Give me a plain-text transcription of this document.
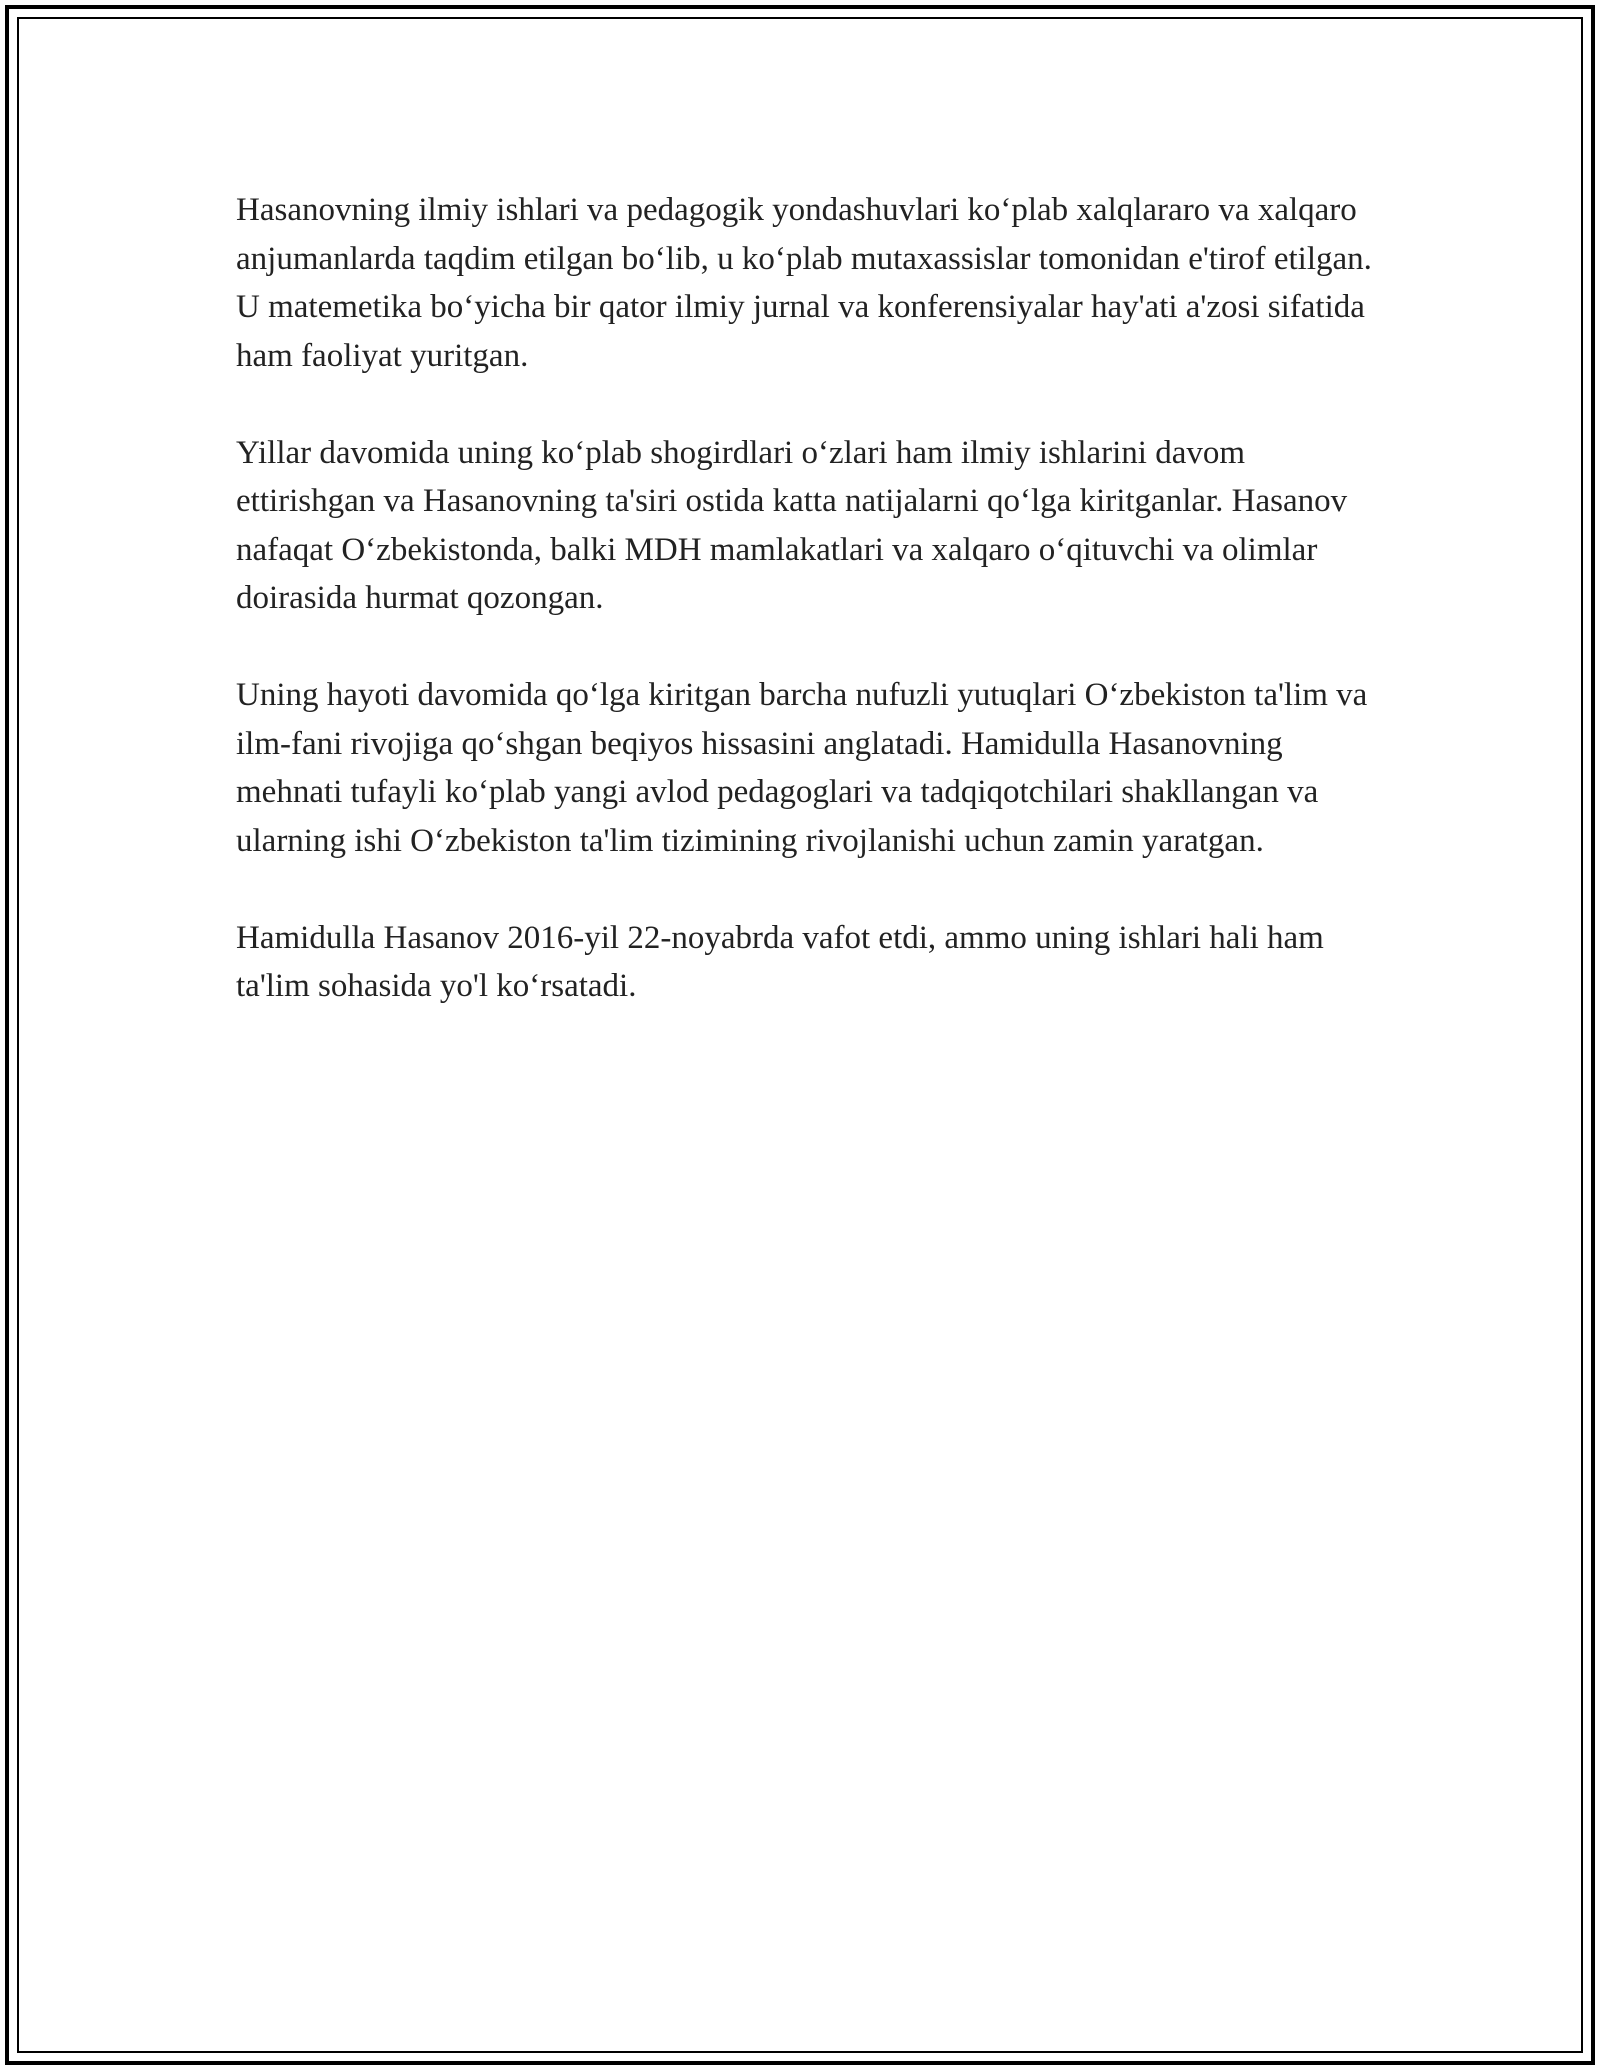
Hasanovning ilmiy ishlari va pedagogik yondashuvlari ko‘plab xalqlararo va xalqaro anjumanlarda taqdim etilgan bo‘lib, u ko‘plab mutaxassislar tomonidan e'tirof etilgan. U matemetika bo‘yicha bir qator ilmiy jurnal va konferensiyalar hay'ati a'zosi sifatida ham faoliyat yuritgan.

Yillar davomida uning ko‘plab shogirdlari o‘zlari ham ilmiy ishlarini davom ettirishgan va Hasanovning ta'siri ostida katta natijalarni qo‘lga kiritganlar. Hasanov nafaqat O‘zbekistonda, balki MDH mamlakatlari va xalqaro o‘qituvchi va olimlar doirasida hurmat qozongan.

Uning hayoti davomida qo‘lga kiritgan barcha nufuzli yutuqlari O‘zbekiston ta'lim va ilm-fani rivojiga qo‘shgan beqiyos hissasini anglatadi. Hamidulla Hasanovning mehnati tufayli ko‘plab yangi avlod pedagoglari va tadqiqotchilari shakllangan va ularning ishi O‘zbekiston ta'lim tizimining rivojlanishi uchun zamin yaratgan.

Hamidulla Hasanov 2016-yil 22-noyabrda vafot etdi, ammo uning ishlari hali ham ta'lim sohasida yo'l ko‘rsatadi.
